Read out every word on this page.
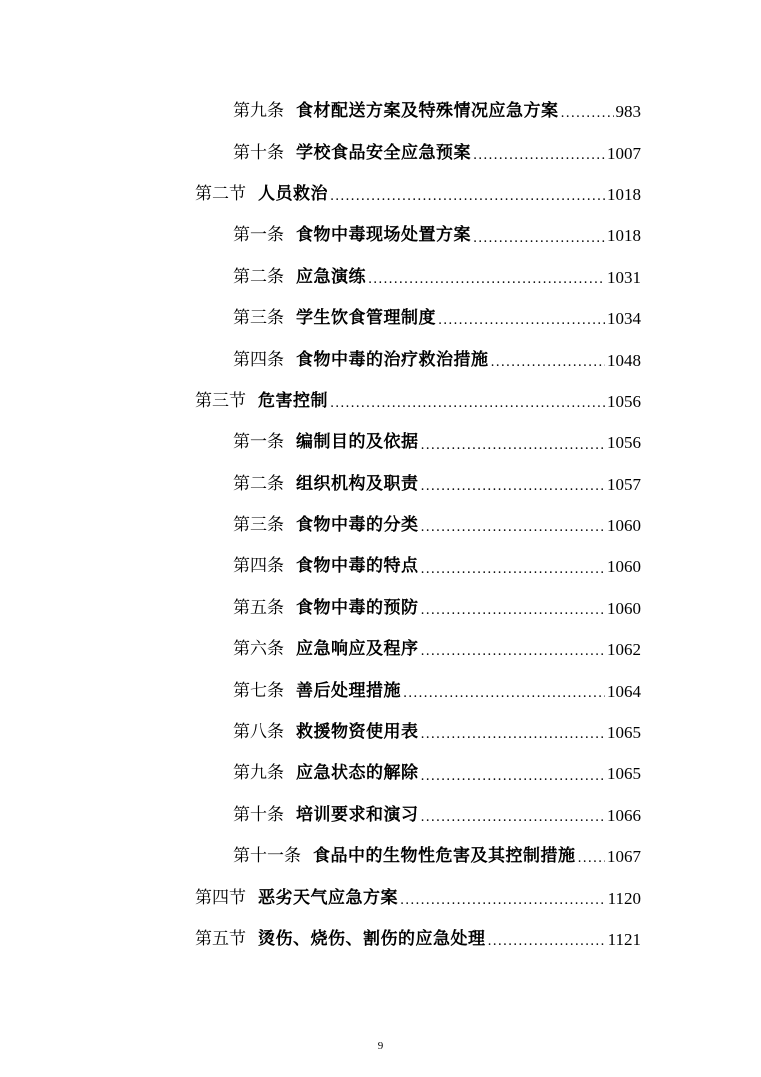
第九条 食材配送方案及特殊情况应急方案 .....	983
第十条 学校食品安全应急预案 .....	1007
第二节 人员救治 .....	1018
第一条 食物中毒现场处置方案 .....	1018
第二条 应急演练 .....	1031
第三条 学生饮食管理制度 .....	1034
第四条 食物中毒的治疗救治措施 .....	1048
第三节 危害控制 .....	1056
第一条 编制目的及依据 .....	1056
第二条 组织机构及职责 .....	1057
第三条 食物中毒的分类 .....	1060
第四条 食物中毒的特点 .....	1060
第五条 食物中毒的预防 .....	1060
第六条 应急响应及程序 .....	1062
第七条 善后处理措施 .....	1064
第八条 救援物资使用表 .....	1065
第九条 应急状态的解除 .....	1065
第十条 培训要求和演习 .....	1066
第十一条 食品中的生物性危害及其控制措施 ..... 1067
第四节 恶劣天气应急方案 .....	1120
第五节 烫伤、烧伤、割伤的应急处理 .....	1121
9
